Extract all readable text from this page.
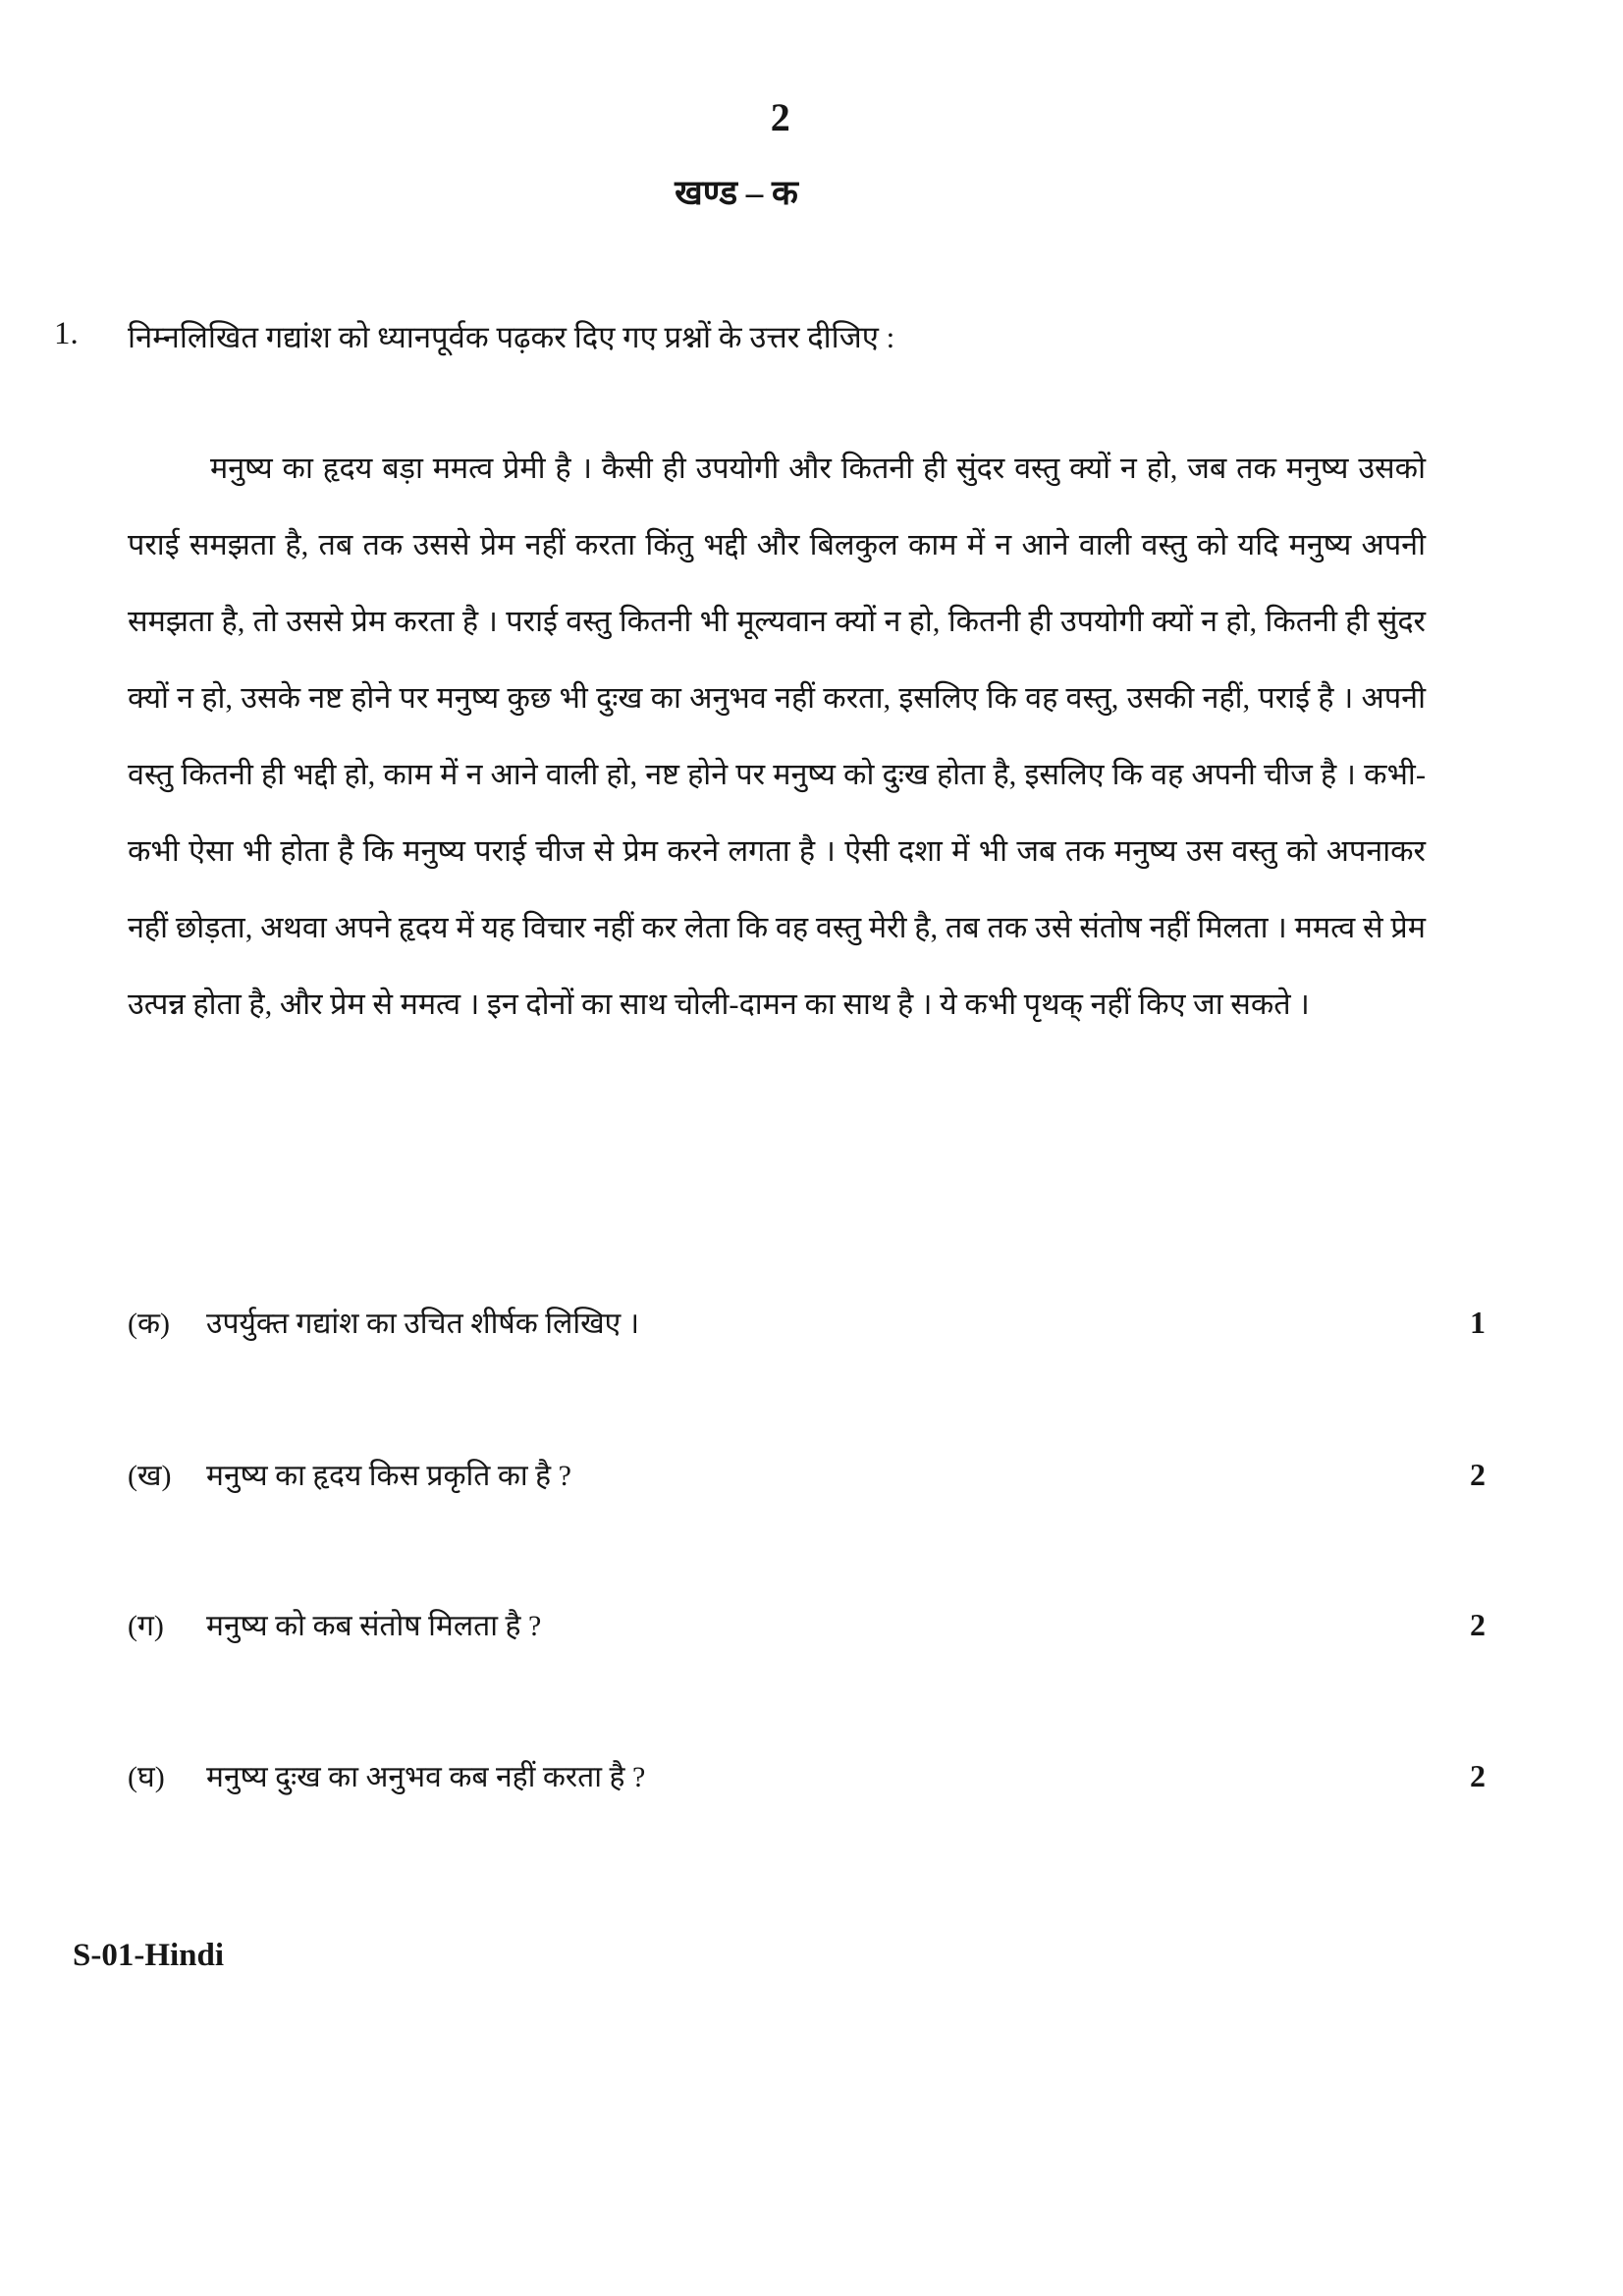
2
खण्ड – क
1.	निम्नलिखित गद्यांश को ध्यानपूर्वक पढ़कर दिए गए प्रश्नों के उत्तर दीजिए :
मनुष्य का हृदय बड़ा ममत्व प्रेमी है । कैसी ही उपयोगी और कितनी ही सुंदर वस्तु क्यों न हो, जब तक मनुष्य उसको पराई समझता है, तब तक उससे प्रेम नहीं करता किंतु भद्दी और बिलकुल काम में न आने वाली वस्तु को यदि मनुष्य अपनी समझता है, तो उससे प्रेम करता है । पराई वस्तु कितनी भी मूल्यवान क्यों न हो, कितनी ही उपयोगी क्यों न हो, कितनी ही सुंदर क्यों न हो, उसके नष्ट होने पर मनुष्य कुछ भी दुःख का अनुभव नहीं करता, इसलिए कि वह वस्तु, उसकी नहीं, पराई है । अपनी वस्तु कितनी ही भद्दी हो, काम में न आने वाली हो, नष्ट होने पर मनुष्य को दुःख होता है, इसलिए कि वह अपनी चीज है । कभी-कभी ऐसा भी होता है कि मनुष्य पराई चीज से प्रेम करने लगता है । ऐसी दशा में भी जब तक मनुष्य उस वस्तु को अपनाकर नहीं छोड़ता, अथवा अपने हृदय में यह विचार नहीं कर लेता कि वह वस्तु मेरी है, तब तक उसे संतोष नहीं मिलता । ममत्व से प्रेम उत्पन्न होता है, और प्रेम से ममत्व । इन दोनों का साथ चोली-दामन का साथ है । ये कभी पृथक् नहीं किए जा सकते ।
(क)	उपर्युक्त गद्यांश का उचित शीर्षक लिखिए ।	1
(ख)	मनुष्य का हृदय किस प्रकृति का है ?	2
(ग)	मनुष्य को कब संतोष मिलता है ?	2
(घ)	मनुष्य दुःख का अनुभव कब नहीं करता है ?	2
S-01-Hindi
